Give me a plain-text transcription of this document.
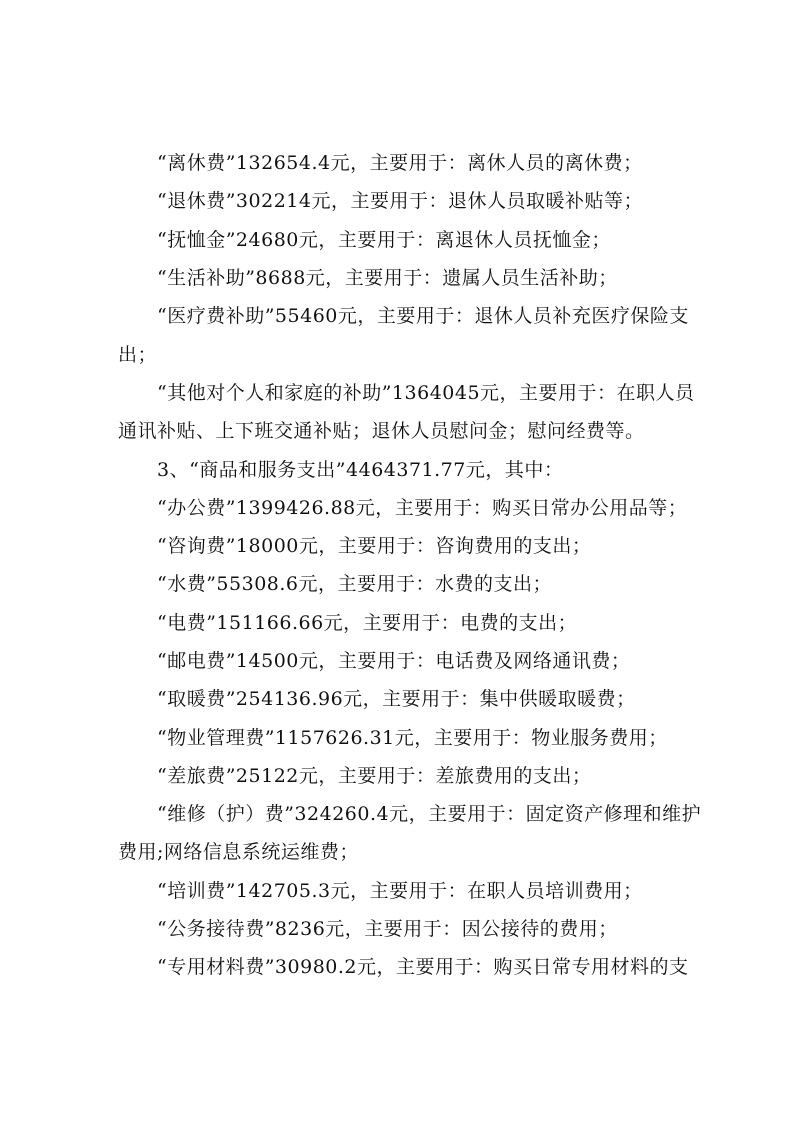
“离休费”132654.4元，主要用于：离休人员的离休费；
“退休费”302214元，主要用于：退休人员取暖补贴等；
“抚恤金”24680元，主要用于：离退休人员抚恤金；
“生活补助”8688元，主要用于：遗属人员生活补助；
“医疗费补助”55460元，主要用于：退休人员补充医疗保险支
出；
“其他对个人和家庭的补助”1364045元，主要用于：在职人员
通讯补贴、上下班交通补贴；退休人员慰问金；慰问经费等。
3、“商品和服务支出”4464371.77元，其中：
“办公费”1399426.88元，主要用于：购买日常办公用品等；
“咨询费”18000元，主要用于：咨询费用的支出；
“水费”55308.6元，主要用于：水费的支出；
“电费”151166.66元，主要用于：电费的支出；
“邮电费”14500元，主要用于：电话费及网络通讯费；
“取暖费”254136.96元，主要用于：集中供暖取暖费；
“物业管理费”1157626.31元，主要用于：物业服务费用；
“差旅费”25122元，主要用于：差旅费用的支出；
“维修（护）费”324260.4元，主要用于：固定资产修理和维护
费用;网络信息系统运维费；
“培训费”142705.3元，主要用于：在职人员培训费用；
“公务接待费”8236元，主要用于：因公接待的费用；
“专用材料费”30980.2元，主要用于：购买日常专用材料的支
